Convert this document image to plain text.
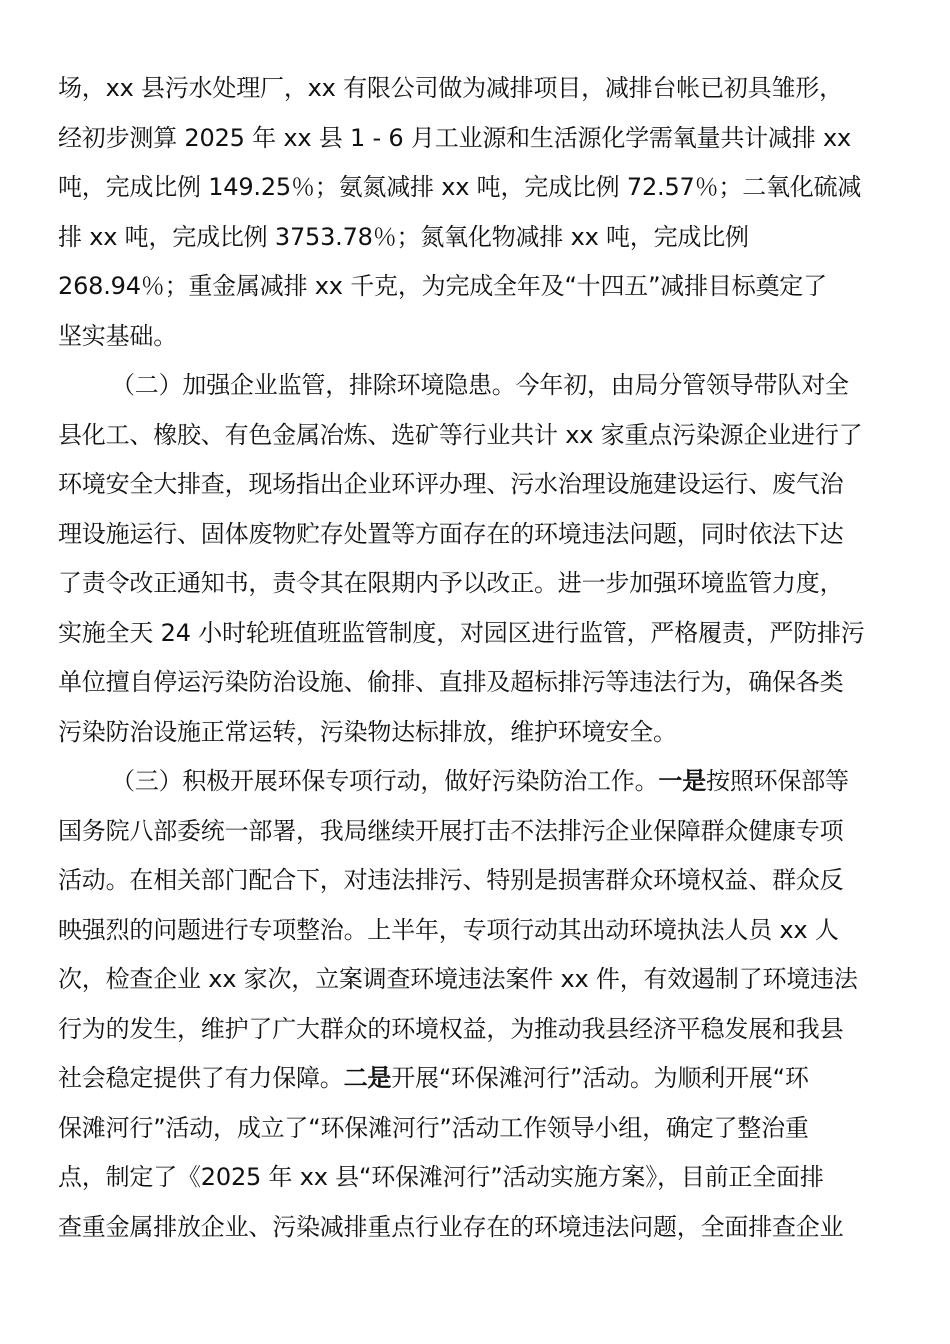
场，xx 县污水处理厂，xx 有限公司做为减排项目，减排台帐已初具雏形，
经初步测算 2025 年 xx 县 1 - 6 月工业源和生活源化学需氧量共计减排 xx
吨，完成比例 149.25％；氨氮减排 xx 吨，完成比例 72.57％；二氧化硫减
排 xx 吨，完成比例 3753.78％；氮氧化物减排 xx 吨，完成比例
268.94％；重金属减排 xx 千克，为完成全年及“十四五”减排目标奠定了
坚实基础。
（二）加强企业监管，排除环境隐患。今年初，由局分管领导带队对全
县化工、橡胶、有色金属冶炼、选矿等行业共计 xx 家重点污染源企业进行了
环境安全大排查，现场指出企业环评办理、污水治理设施建设运行、废气治
理设施运行、固体废物贮存处置等方面存在的环境违法问题，同时依法下达
了责令改正通知书，责令其在限期内予以改正。进一步加强环境监管力度，
实施全天 24 小时轮班值班监管制度，对园区进行监管，严格履责，严防排污
单位擅自停运污染防治设施、偷排、直排及超标排污等违法行为，确保各类
污染防治设施正常运转，污染物达标排放，维护环境安全。
（三）积极开展环保专项行动，做好污染防治工作。一是按照环保部等
国务院八部委统一部署，我局继续开展打击不法排污企业保障群众健康专项
活动。在相关部门配合下，对违法排污、特别是损害群众环境权益、群众反
映强烈的问题进行专项整治。上半年，专项行动其出动环境执法人员 xx 人
次，检查企业 xx 家次，立案调查环境违法案件 xx 件，有效遏制了环境违法
行为的发生，维护了广大群众的环境权益，为推动我县经济平稳发展和我县
社会稳定提供了有力保障。二是开展“环保滩河行”活动。为顺利开展“环
保滩河行”活动，成立了“环保滩河行”活动工作领导小组，确定了整治重
点，制定了《2025 年 xx 县“环保滩河行”活动实施方案》，目前正全面排
查重金属排放企业、污染减排重点行业存在的环境违法问题，全面排查企业
